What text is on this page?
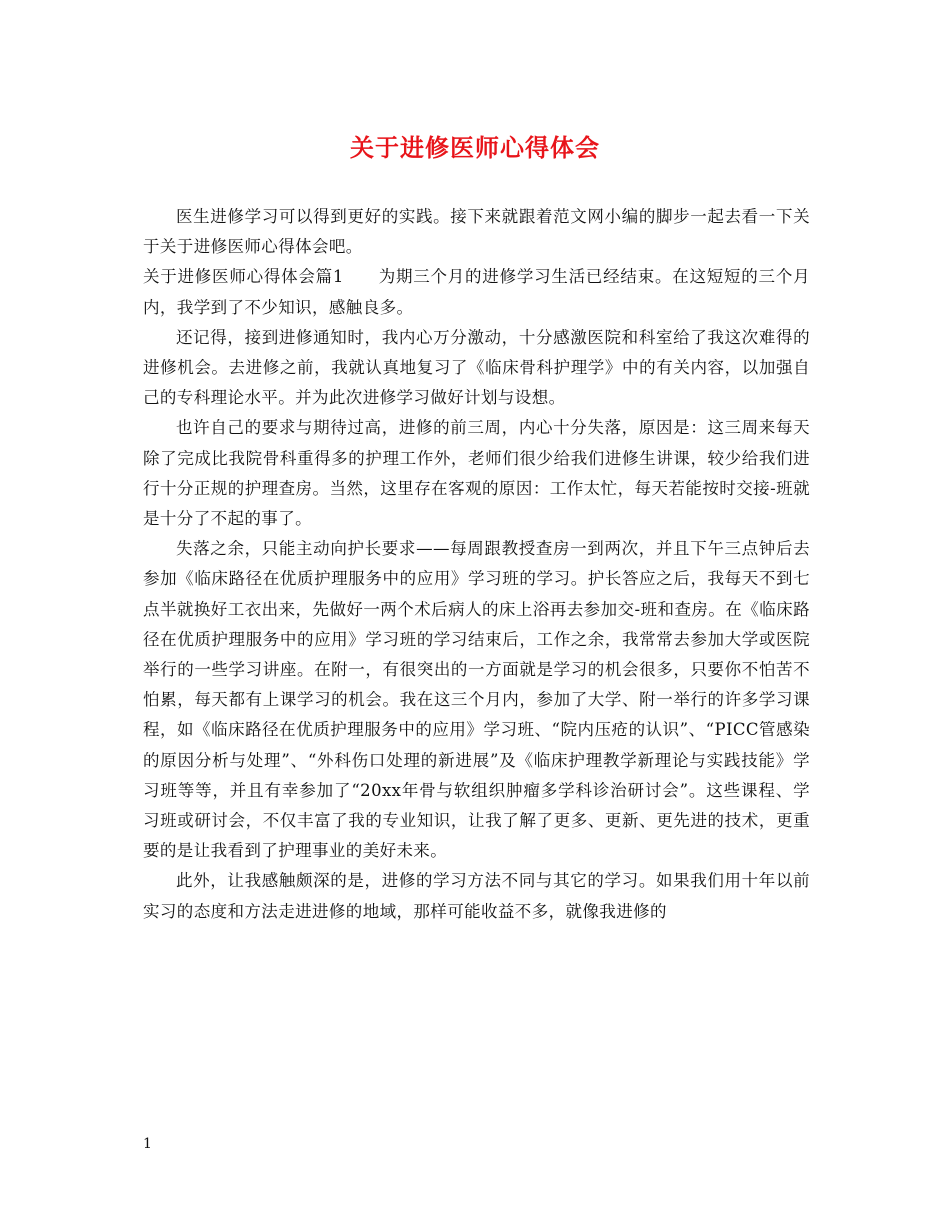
关于进修医师心得体会

医生进修学习可以得到更好的实践。接下来就跟着范文网小编的脚步一起去看一下关于关于进修医师心得体会吧。

关于进修医师心得体会篇1　　为期三个月的进修学习生活已经结束。在这短短的三个月内，我学到了不少知识，感触良多。

还记得，接到进修通知时，我内心万分激动，十分感激医院和科室给了我这次难得的进修机会。去进修之前，我就认真地复习了《临床骨科护理学》中的有关内容，以加强自己的专科理论水平。并为此次进修学习做好计划与设想。

也许自己的要求与期待过高，进修的前三周，内心十分失落，原因是：这三周来每天除了完成比我院骨科重得多的护理工作外，老师们很少给我们进修生讲课，较少给我们进行十分正规的护理查房。当然，这里存在客观的原因：工作太忙，每天若能按时交接-班就是十分了不起的事了。

失落之余，只能主动向护长要求——每周跟教授查房一到两次，并且下午三点钟后去参加《临床路径在优质护理服务中的应用》学习班的学习。护长答应之后，我每天不到七点半就换好工衣出来，先做好一两个术后病人的床上浴再去参加交-班和查房。在《临床路径在优质护理服务中的应用》学习班的学习结束后，工作之余，我常常去参加大学或医院举行的一些学习讲座。在附一，有很突出的一方面就是学习的机会很多，只要你不怕苦不怕累，每天都有上课学习的机会。我在这三个月内，参加了大学、附一举行的许多学习课程，如《临床路径在优质护理服务中的应用》学习班、“院内压疮的认识”、“PICC管感染的原因分析与处理”、“外科伤口处理的新进展”及《临床护理教学新理论与实践技能》学习班等等，并且有幸参加了“20xx年骨与软组织肿瘤多学科诊治研讨会”。这些课程、学习班或研讨会，不仅丰富了我的专业知识，让我了解了更多、更新、更先进的技术，更重要的是让我看到了护理事业的美好未来。

此外，让我感触颇深的是，进修的学习方法不同与其它的学习。如果我们用十年以前实习的态度和方法走进进修的地域，那样可能收益不多，就像我进修的

1
